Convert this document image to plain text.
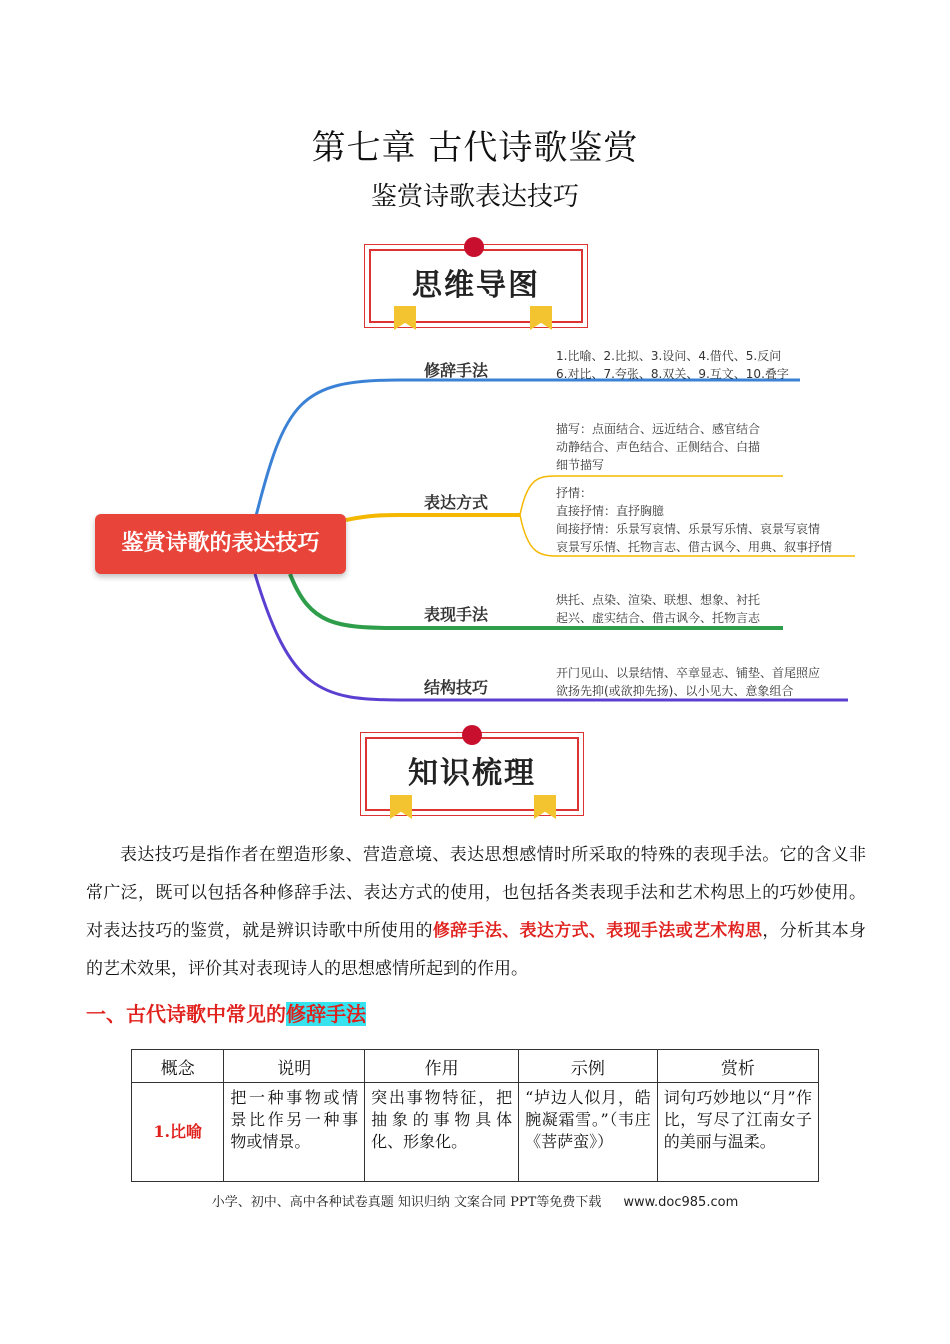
第七章 古代诗歌鉴赏
鉴赏诗歌表达技巧
思维导图
鉴赏诗歌的表达技巧
修辞手法
表达方式
表现手法
结构技巧
1.比喻、2.比拟、3.设问、4.借代、5.反问
6.对比、7.夸张、8.双关、9.互文、10.叠字
描写：点面结合、远近结合、感官结合
动静结合、声色结合、正侧结合、白描
细节描写
抒情：
直接抒情：直抒胸臆
间接抒情：乐景写哀情、乐景写乐情、哀景写哀情
哀景写乐情、托物言志、借古讽今、用典、叙事抒情
烘托、点染、渲染、联想、想象、衬托
起兴、虚实结合、借古讽今、托物言志
开门见山、以景结情、卒章显志、铺垫、首尾照应
欲扬先抑(或欲抑先扬)、以小见大、意象组合
知识梳理

表达技巧是指作者在塑造形象、营造意境、表达思想感情时所采取的特殊的表现手法。它的含义非常广泛，既可以包括各种修辞手法、表达方式的使用，也包括各类表现手法和艺术构思上的巧妙使用。对表达技巧的鉴赏，就是辨识诗歌中所使用的修辞手法、表达方式、表现手法或艺术构思，分析其本身的艺术效果，评价其对表现诗人的思想感情所起到的作用。

一、古代诗歌中常见的修辞手法
概念	说明	作用	示例	赏析
1.比喻	把一种事物或情景比作另一种事物或情景。	突出事物特征，把抽象的事物具体化、形象化。	“垆边人似月，皓腕凝霜雪。”（韦庄《菩萨蛮》）	词句巧妙地以“月”作比，写尽了江南女子的美丽与温柔。
小学、初中、高中各种试卷真题 知识归纳 文案合同 PPT等免费下载 www.doc985.com
